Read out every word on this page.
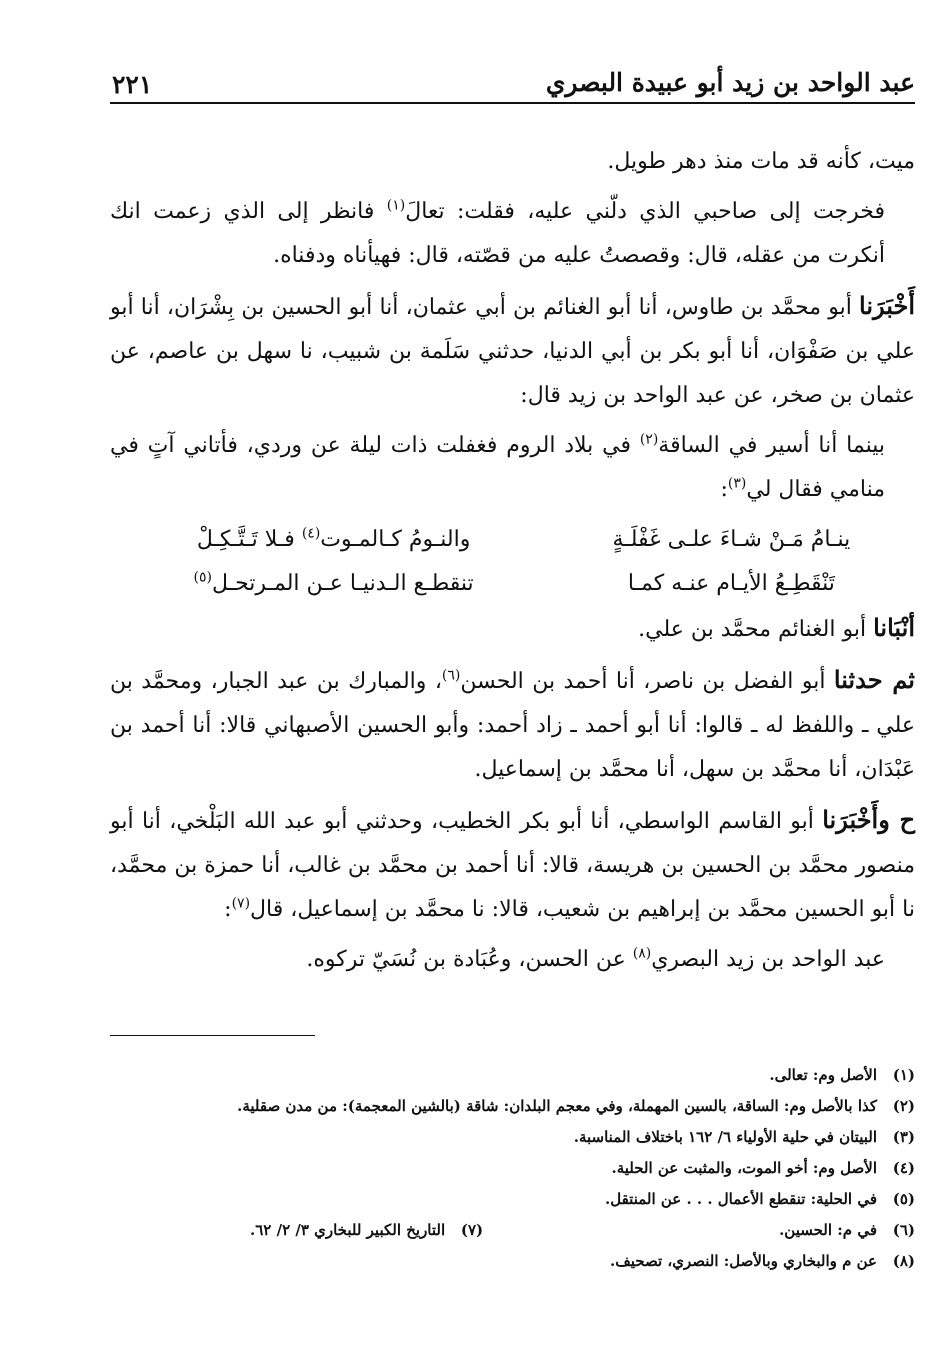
عبد الواحد بن زيد أبو عبيدة البصري
٢٢١

ميت، كأنه قد مات منذ دهر طويل.

فخرجت إلى صاحبي الذي دلّني عليه، فقلت: تعالَ$^{(١)}$ فانظر إلى الذي زعمت انك أنكرت من عقله، قال: وقصصتُ عليه من قصّته، قال: فهيأناه ودفناه.

أَخْبَرَنا أبو محمَّد بن طاوس، أنا أبو الغنائم بن أبي عثمان، أنا أبو الحسين بن بِشْرَان، أنا أبو علي بن صَفْوَان، أنا أبو بكر بن أبي الدنيا، حدثني سَلَمة بن شبيب، نا سهل بن عاصم، عن عثمان بن صخر، عن عبد الواحد بن زيد قال:

بينما أنا أسير في الساقة$^{(٢)}$ في بلاد الروم فغفلت ذات ليلة عن وردي، فأتاني آتٍ في منامي فقال لي$^{(٣)}$:

ينـامُ مَـنْ شـاءَ علـى غَفْلَـةٍ
والنـومُ كـالمـوت$^{(٤)}$ فـلا تَـتَّـكِـلْ
تَنْقَطِـعُ الأيـام عنـه كمـا
تنقطـع الـدنيـا عـن المـرتحـل$^{(٥)}$

أنْبَانا أبو الغنائم محمَّد بن علي.

ثم حدثنا أبو الفضل بن ناصر، أنا أحمد بن الحسن$^{(٦)}$، والمبارك بن عبد الجبار، ومحمَّد بن علي ـ واللفظ له ـ قالوا: أنا أبو أحمد ـ زاد أحمد: وأبو الحسين الأصبهاني قالا: أنا أحمد بن عَبْدَان، أنا محمَّد بن سهل، أنا محمَّد بن إسماعيل.

ح وأَخْبَرَنا أبو القاسم الواسطي، أنا أبو بكر الخطيب، وحدثني أبو عبد الله البَلْخي، أنا أبو منصور محمَّد بن الحسين بن هريسة، قالا: أنا أحمد بن محمَّد بن غالب، أنا حمزة بن محمَّد، نا أبو الحسين محمَّد بن إبراهيم بن شعيب، قالا: نا محمَّد بن إسماعيل، قال$^{(٧)}$:

عبد الواحد بن زيد البصري$^{(٨)}$ عن الحسن، وعُبَادة بن نُسَيّ تركوه.

(١)
الأصل وم: تعالى.
(٢)
كذا بالأصل وم: الساقة، بالسين المهملة، وفي معجم البلدان: شاقة (بالشين المعجمة): من مدن صقلية.
(٣)
البيتان في حلية الأولياء ٦/ ١٦٢ باختلاف المناسبة.
(٤)
الأصل وم: أخو الموت، والمثبت عن الحلية.
(٥)
في الحلية: تنقطع الأعمال . . . عن المنتقل.
(٦)
في م: الحسين.
(٧)
التاريخ الكبير للبخاري ٣/ ٢/ ٦٢.
(٨)
عن م والبخاري وبالأصل: النصري، تصحيف.
